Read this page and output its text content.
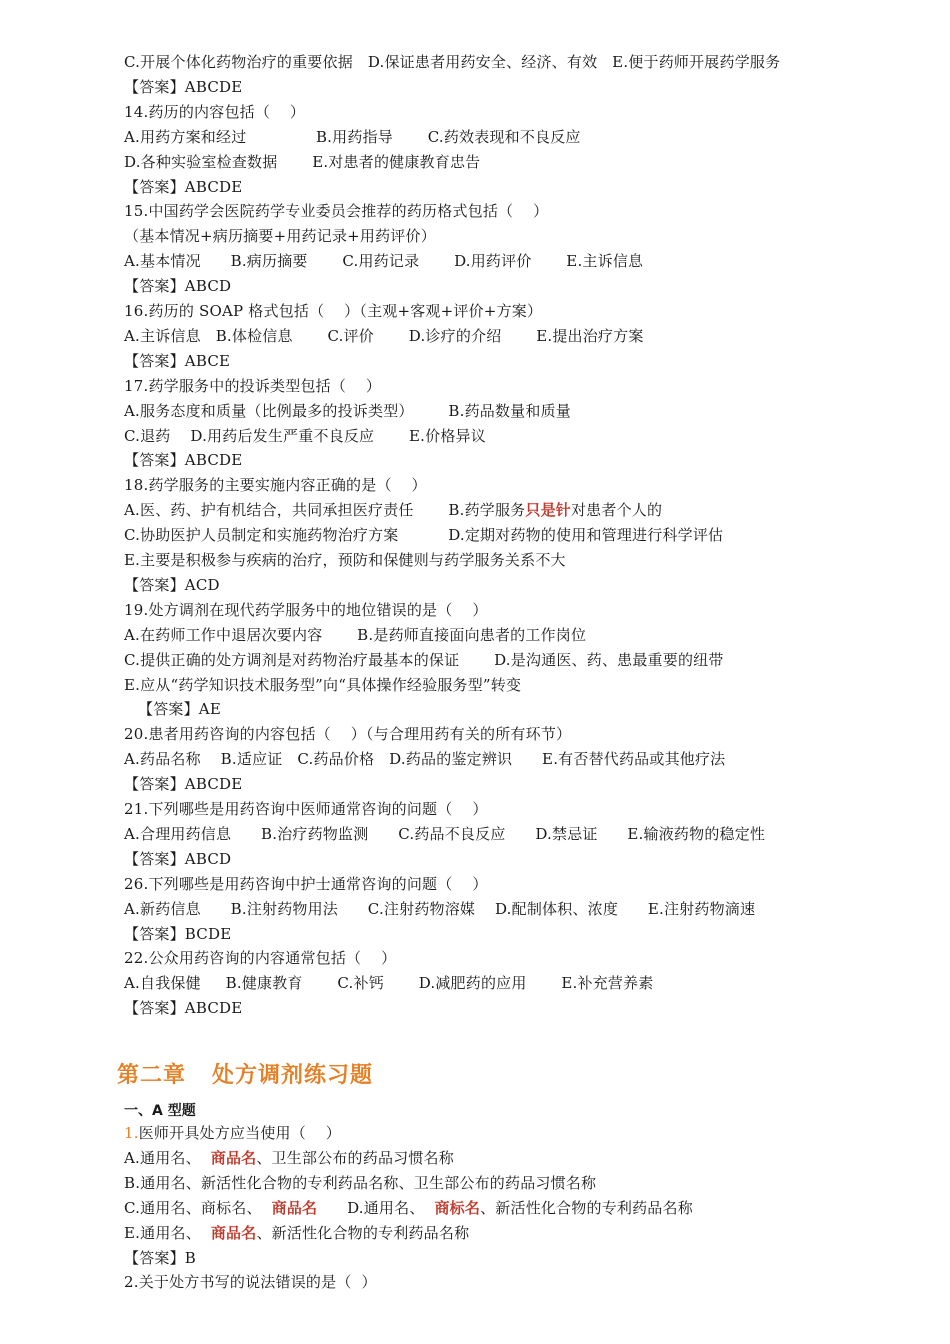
C.开展个体化药物治疗的重要依据   D.保证患者用药安全、经济、有效   E.便于药师开展药学服务
【答案】ABCDE
14.药历的内容包括（    ）
A.用药方案和经过              B.用药指导       C.药效表现和不良反应
D.各种实验室检查数据       E.对患者的健康教育忠告
【答案】ABCDE
15.中国药学会医院药学专业委员会推荐的药历格式包括（    ）
（基本情况+病历摘要+用药记录+用药评价）
A.基本情况      B.病历摘要       C.用药记录       D.用药评价       E.主诉信息
【答案】ABCD
16.药历的 SOAP 格式包括（    ）（主观+客观+评价+方案）
A.主诉信息   B.体检信息       C.评价       D.诊疗的介绍       E.提出治疗方案
【答案】ABCE
17.药学服务中的投诉类型包括（    ）
A.服务态度和质量（比例最多的投诉类型）       B.药品数量和质量
C.退药    D.用药后发生严重不良反应       E.价格异议
【答案】ABCDE
18.药学服务的主要实施内容正确的是（    ）
A.医、药、护有机结合，共同承担医疗责任       B.药学服务只是针对患者个人的
C.协助医护人员制定和实施药物治疗方案          D.定期对药物的使用和管理进行科学评估
E.主要是积极参与疾病的治疗，预防和保健则与药学服务关系不大
【答案】ACD
19.处方调剂在现代药学服务中的地位错误的是（    ）
A.在药师工作中退居次要内容       B.是药师直接面向患者的工作岗位
C.提供正确的处方调剂是对药物治疗最基本的保证       D.是沟通医、药、患最重要的纽带
E.应从“药学知识技术服务型”向“具体操作经验服务型”转变
【答案】AE
20.患者用药咨询的内容包括（    ）（与合理用药有关的所有环节）
A.药品名称    B.适应证   C.药品价格   D.药品的鉴定辨识      E.有否替代药品或其他疗法
【答案】ABCDE
21.下列哪些是用药咨询中医师通常咨询的问题（    ）
A.合理用药信息      B.治疗药物监测      C.药品不良反应      D.禁忌证      E.输液药物的稳定性
【答案】ABCD
26.下列哪些是用药咨询中护士通常咨询的问题（    ）
A.新药信息      B.注射药物用法      C.注射药物溶媒    D.配制体积、浓度      E.注射药物滴速
【答案】BCDE
22.公众用药咨询的内容通常包括（    ）
A.自我保健     B.健康教育       C.补钙       D.减肥药的应用       E.补充营养素
【答案】ABCDE
第二章   处方调剂练习题
一、A 型题
1.医师开具处方应当使用（    ）
A.通用名、  商品名、卫生部公布的药品习惯名称
B.通用名、新活性化合物的专利药品名称、卫生部公布的药品习惯名称
C.通用名、商标名、  商品名      D.通用名、  商标名、新活性化合物的专利药品名称
E.通用名、  商品名、新活性化合物的专利药品名称
【答案】B
2.关于处方书写的说法错误的是（  ）
